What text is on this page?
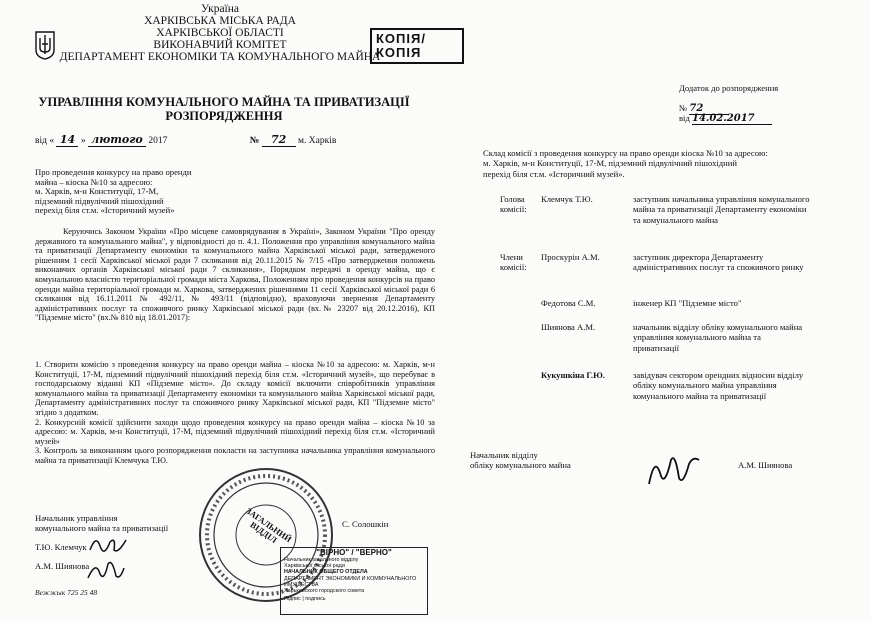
Україна
ХАРКІВСЬКА МІСЬКА РАДА
ХАРКІВСЬКОЇ ОБЛАСТІ
ВИКОНАВЧИЙ КОМІТЕТ
ДЕПАРТАМЕНТ ЕКОНОМІКИ ТА КОМУНАЛЬНОГО МАЙНА
УПРАВЛІННЯ КОМУНАЛЬНОГО МАЙНА ТА ПРИВАТИЗАЦІЇ
РОЗПОРЯДЖЕННЯ
КОПІЯ/ КОПІЯ
від « 14 » лютого 2017	№ 72 м. Харків
Про проведення конкурсу на право оренди
майна – кіоска №10 за адресою:
м. Харків, м-н Конституції, 17-М,
підземний підвулічний пішохідний
перехід біля ст.м. «Історичний музей»
Керуючись Законом України «Про місцеве самоврядування в Україні», Законом України "Про оренду державного та комунального майна", у відповідності до п. 4.1. Положення про управління комунального майна та приватизації Департаменту економіки та комунального майна Харківської міської ради, затвердженого рішенням 1 сесії Харківської міської ради 7 скликання від 20.11.2015 № 7/15 «Про затвердження положень виконавчих органів Харківської міської ради 7 скликання», Порядком передачі в оренду майна, що є комунальною власністю територіальної громади міста Харкова, Положенням про проведення конкурсів на право оренди майна територіальної громади м. Харкова, затверджених рішеннями 11 сесії Харківської міської ради 6 скликання від 16.11.2011 № 492/11, № 493/11 (відповідно), враховуючи звернення Департаменту адміністративних послуг та споживчого ринку Харківської міської ради (вх.№ 23207 від 20.12.2016), КП "Підземне місто" (вх.№ 810 від 18.01.2017):
1. Створити комісію з проведення конкурсу на право оренди майна – кіоска №10 за адресою: м. Харків, м-н Конституції, 17-М, підземний підвулічний пішохідний перехід біля ст.м. «Історичний музей», що перебуває в господарському віданні КП «Підземне місто». До складу комісії включити співробітників управління комунального майна та приватизації Департаменту економіки та комунального майна Харківської міської ради, Департаменту адміністративних послуг та споживчого ринку Харківської міської ради, КП "Підземне місто" згідно з додатком.
2. Конкурсній комісії здійснити заходи щодо проведення конкурсу на право оренди майна – кіоска №10 за адресою: м. Харків, м-н Конституції, 17-М, підземний підвулічний пішохідний перехід біля ст.м. «Історичний музей»
3. Контроль за виконанням цього розпорядження покласти на заступника начальника управління комунального майна та приватизації Клемчука Т.Ю.
Начальник управління
комунального майна та приватизації	С. Солошкін
Т.Ю. Клемчук
А.М. Шиянова
Вежжык 725 25 48
ЗАГАЛЬНИЙ ВІДДІЛ
"ВІРНО" / "ВЕРНО"
Начальник загального відділу
Харківської міської ради
НАЧАЛЬНИК ОБЩЕГО ОТДЕЛА
ДЕПАРТАМЕНТ ЭКОНОМИКИ И КОММУНАЛЬНОГО ИМУЩЕСТВА
Харьковского городского совета
Підпис | подпись
Додаток до розпорядження
№ 72
від 14.02.2017
Склад комісії з проведення конкурсу на право оренди кіоска №10 за адресою:
м. Харків, м-н Конституції, 17-М, підземний підвулічний пішохідний
перехід біля ст.м. «Історичний музей».
Голова
комісії:
Клемчук Т.Ю.	заступник начальника управління комунального майна та приватизації Департаменту економіки та комунального майна
Члени
комісії:
Проскурін А.М.	заступник директора Департаменту адміністративних послуг та споживчого ринку
Федотова С.М.	інженер КП "Підземне місто"
Шиянова А.М.	начальник відділу обліку комунального майна управління комунального майна та приватизації
Кукушкіна Г.Ю.	завідувач сектором орендних відносин відділу обліку комунального майна управління комунального майна та приватизації
Начальник відділу
обліку комунального майна	А.М. Шиянова
